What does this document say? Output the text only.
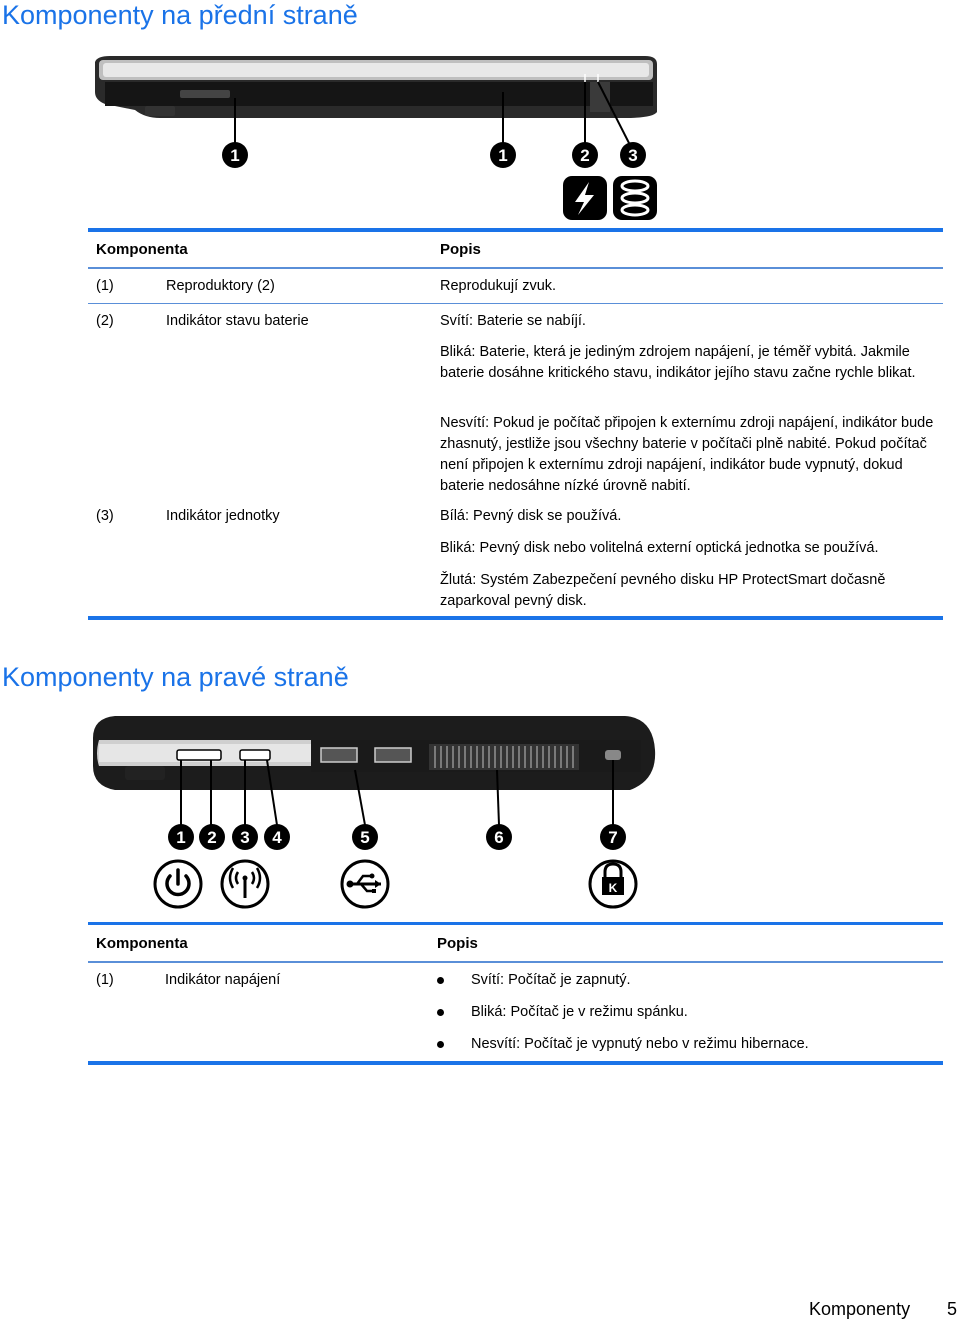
Komponenty na přední straně
1	1	2 3
Komponenta	Popis
(1)	Reproduktory (2)	Reprodukují zvuk.
(2)	Indikátor stavu baterie	Svítí: Baterie se nabíjí.
Bliká: Baterie, která je jediným zdrojem napájení, je téměř vybitá. Jakmile baterie dosáhne kritického stavu, indikátor jejího stavu začne rychle blikat.
Nesvítí: Pokud je počítač připojen k externímu zdroji napájení, indikátor bude zhasnutý, jestliže jsou všechny baterie v počítači plně nabité. Pokud počítač není připojen k externímu zdroji napájení, indikátor bude vypnutý, dokud baterie nedosáhne nízké úrovně nabití.
(3)	Indikátor jednotky	Bílá: Pevný disk se používá.
Bliká: Pevný disk nebo volitelná externí optická jednotka se používá.
Žlutá: Systém Zabezpečení pevného disku HP ProtectSmart dočasně zaparkoval pevný disk.
Komponenty na pravé straně
1 2 3 4	5	6	7
K
Komponenta	Popis
(1)	Indikátor napájení	Svítí: Počítač je zapnutý.
Bliká: Počítač je v režimu spánku.
Nesvítí: Počítač je vypnutý nebo v režimu hibernace.
Komponenty 5
